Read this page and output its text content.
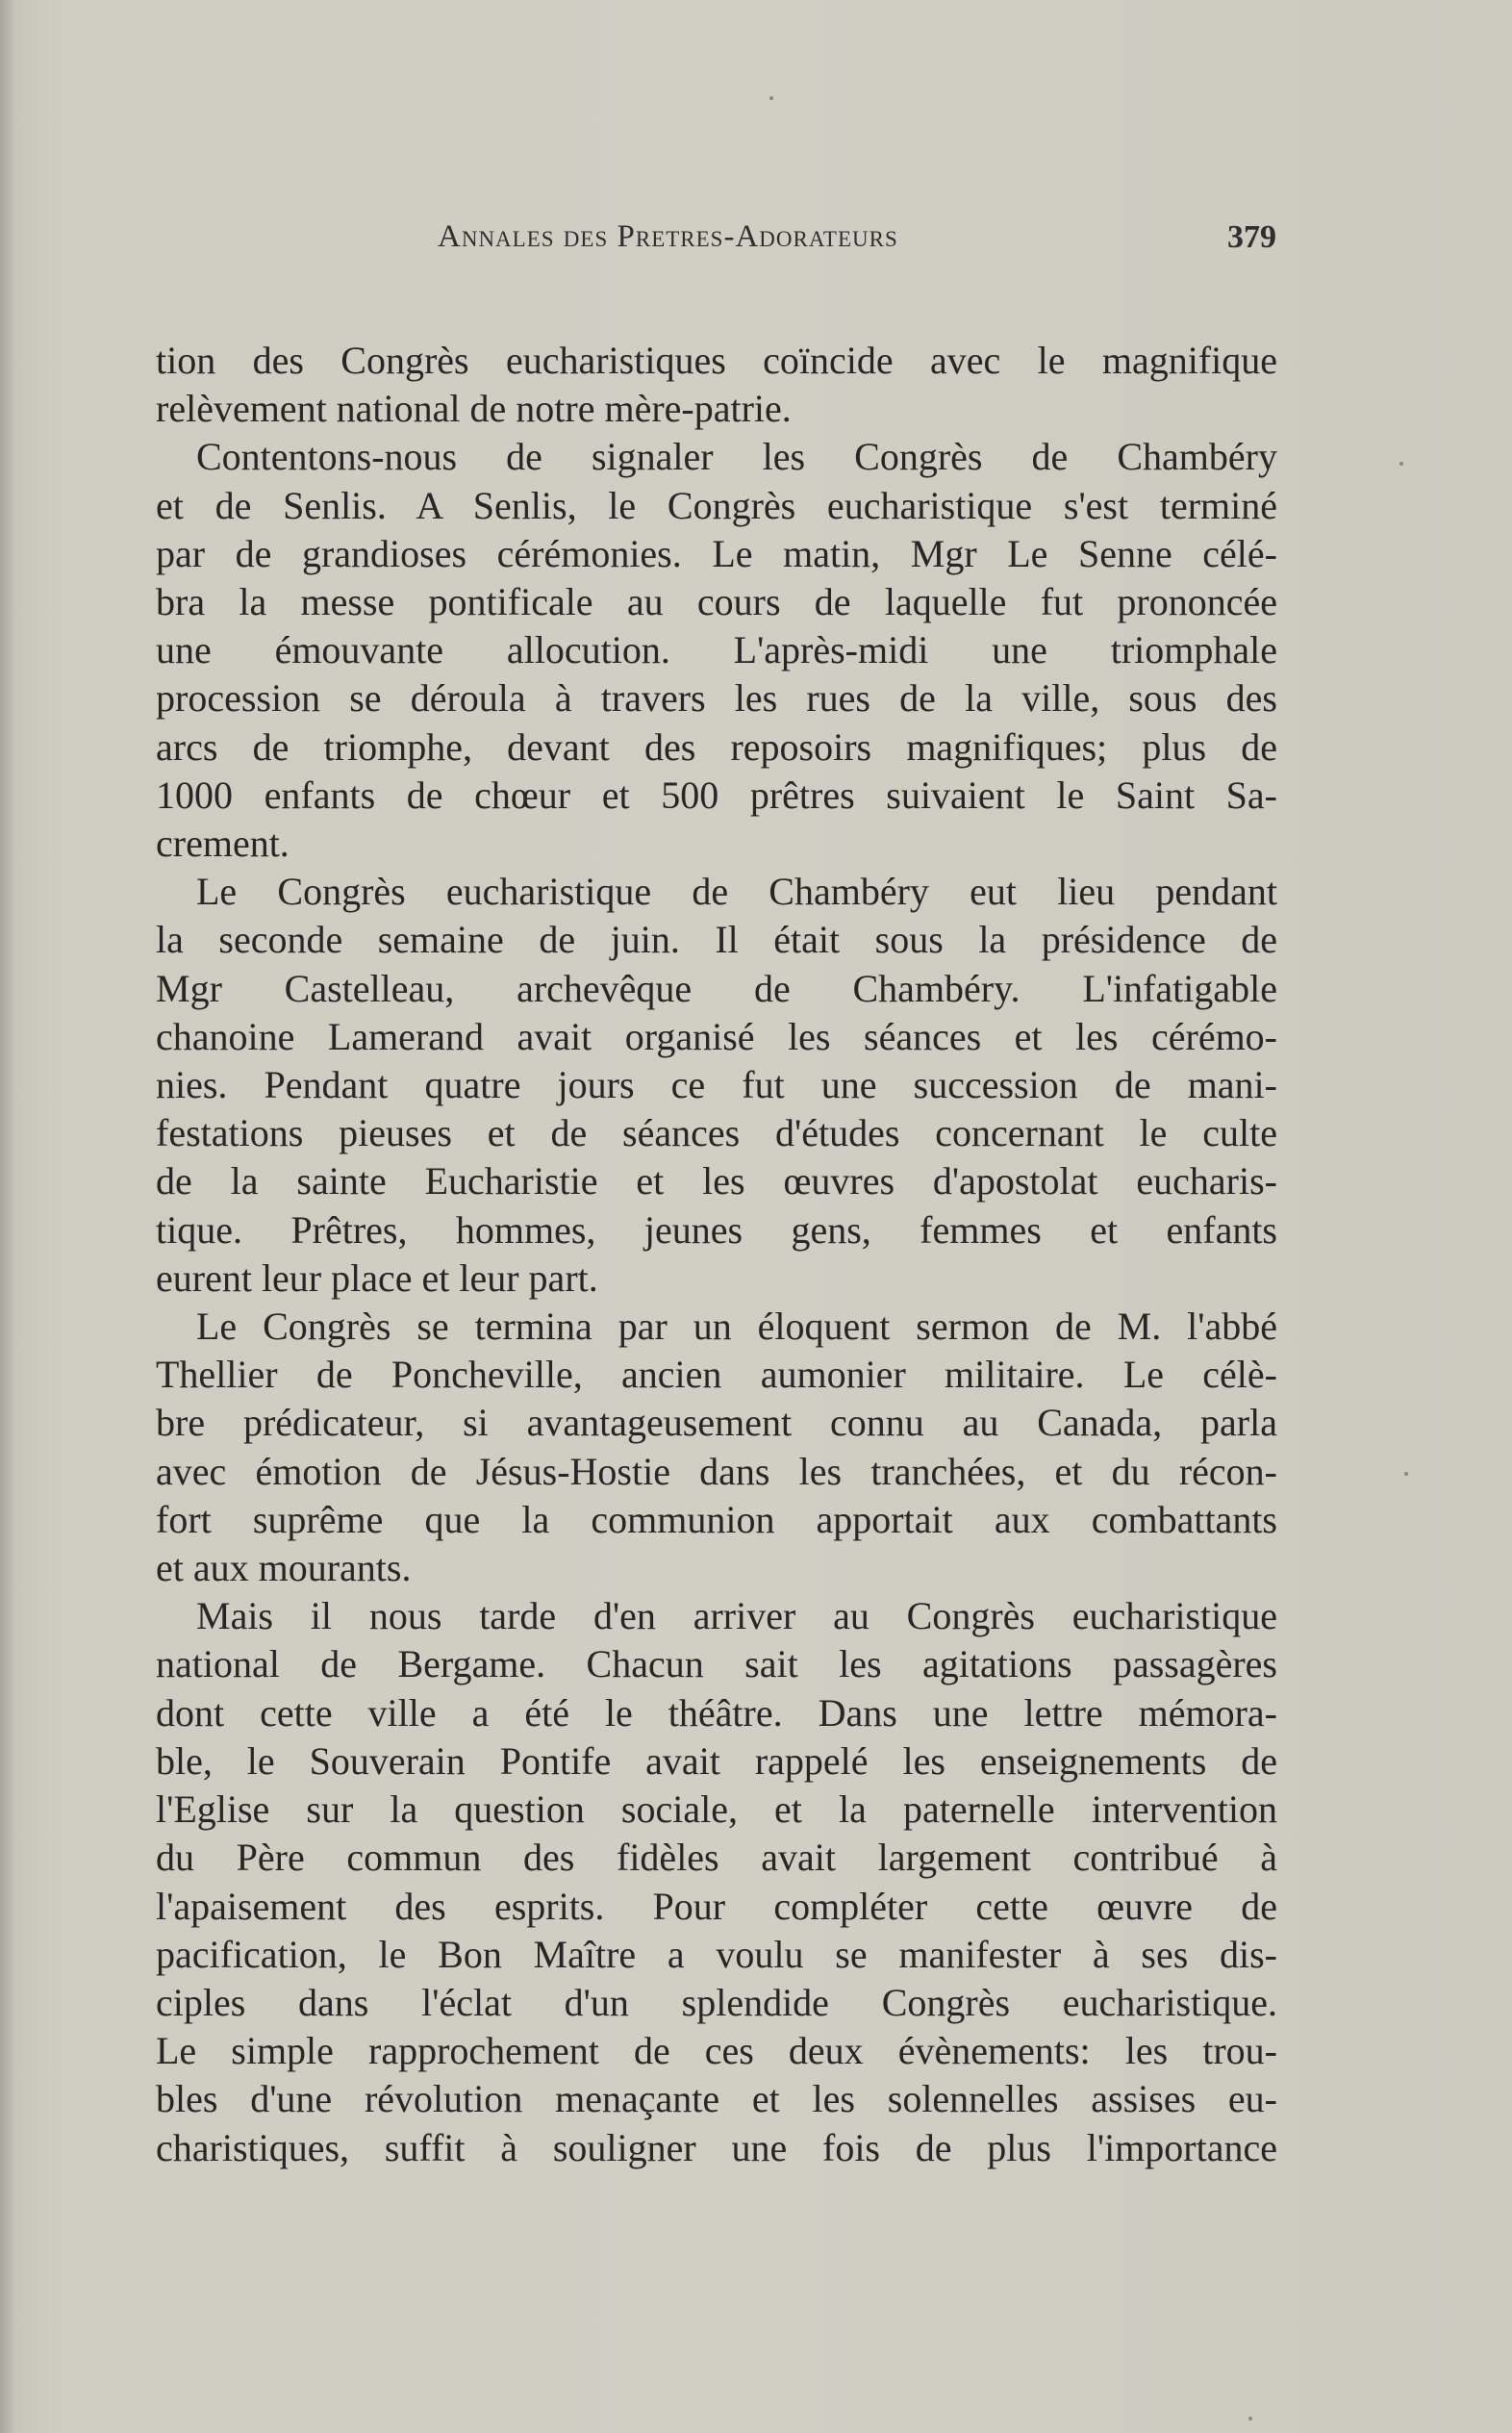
Annales des Pretres-Adorateurs	379
tion des Congrès eucharistiques coïncide avec le magnifique
relèvement national de notre mère-patrie.
Contentons-nous de signaler les Congrès de Chambéry
et de Senlis. A Senlis, le Congrès eucharistique s'est terminé
par de grandioses cérémonies. Le matin, Mgr Le Senne célé-
bra la messe pontificale au cours de laquelle fut prononcée
une émouvante allocution. L'après-midi une triomphale
procession se déroula à travers les rues de la ville, sous des
arcs de triomphe, devant des reposoirs magnifiques; plus de
1000 enfants de chœur et 500 prêtres suivaient le Saint Sa-
crement.
Le Congrès eucharistique de Chambéry eut lieu pendant
la seconde semaine de juin. Il était sous la présidence de
Mgr Castelleau, archevêque de Chambéry. L'infatigable
chanoine Lamerand avait organisé les séances et les cérémo-
nies. Pendant quatre jours ce fut une succession de mani-
festations pieuses et de séances d'études concernant le culte
de la sainte Eucharistie et les œuvres d'apostolat eucharis-
tique. Prêtres, hommes, jeunes gens, femmes et enfants
eurent leur place et leur part.
Le Congrès se termina par un éloquent sermon de M. l'abbé
Thellier de Poncheville, ancien aumonier militaire. Le célè-
bre prédicateur, si avantageusement connu au Canada, parla
avec émotion de Jésus-Hostie dans les tranchées, et du récon-
fort suprême que la communion apportait aux combattants
et aux mourants.
Mais il nous tarde d'en arriver au Congrès eucharistique
national de Bergame. Chacun sait les agitations passagères
dont cette ville a été le théâtre. Dans une lettre mémora-
ble, le Souverain Pontife avait rappelé les enseignements de
l'Eglise sur la question sociale, et la paternelle intervention
du Père commun des fidèles avait largement contribué à
l'apaisement des esprits. Pour compléter cette œuvre de
pacification, le Bon Maître a voulu se manifester à ses dis-
ciples dans l'éclat d'un splendide Congrès eucharistique.
Le simple rapprochement de ces deux évènements: les trou-
bles d'une révolution menaçante et les solennelles assises eu-
charistiques, suffit à souligner une fois de plus l'importance
